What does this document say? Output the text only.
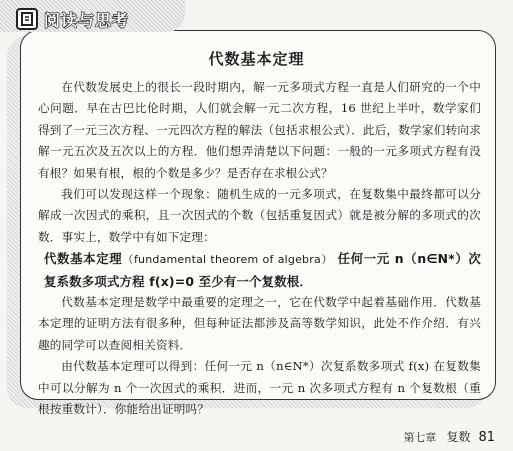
阅读与思考
代数基本定理

在代数发展史上的很长一段时期内，解一元多项式方程一直是人们研究的一个中心问题．早在古巴比伦时期，人们就会解一元二次方程，16 世纪上半叶，数学家们得到了一元三次方程、一元四次方程的解法（包括求根公式）．此后，数学家们转向求解一元五次及五次以上的方程．他们想弄清楚以下问题：一般的一元多项式方程有没有根？如果有根，根的个数是多少？是否存在求根公式？

我们可以发现这样一个现象：随机生成的一元多项式，在复数集中最终都可以分解成一次因式的乘积，且一次因式的个数（包括重复因式）就是被分解的多项式的次数．事实上，数学中有如下定理：

代数基本定理（fundamental theorem of algebra） 任何一元 n（n∈N*）次复系数多项式方程 f(x)=0 至少有一个复数根．

代数基本定理是数学中最重要的定理之一，它在代数学中起着基础作用．代数基本定理的证明方法有很多种，但每种证法都涉及高等数学知识，此处不作介绍．有兴趣的同学可以查阅相关资料．

由代数基本定理可以得到：任何一元 n（n∈N*）次复系数多项式 f(x) 在复数集中可以分解为 n 个一次因式的乘积．进而，一元 n 次多项式方程有 n 个复数根（重根按重数计）．你能给出证明吗？

第七章 复数 81
